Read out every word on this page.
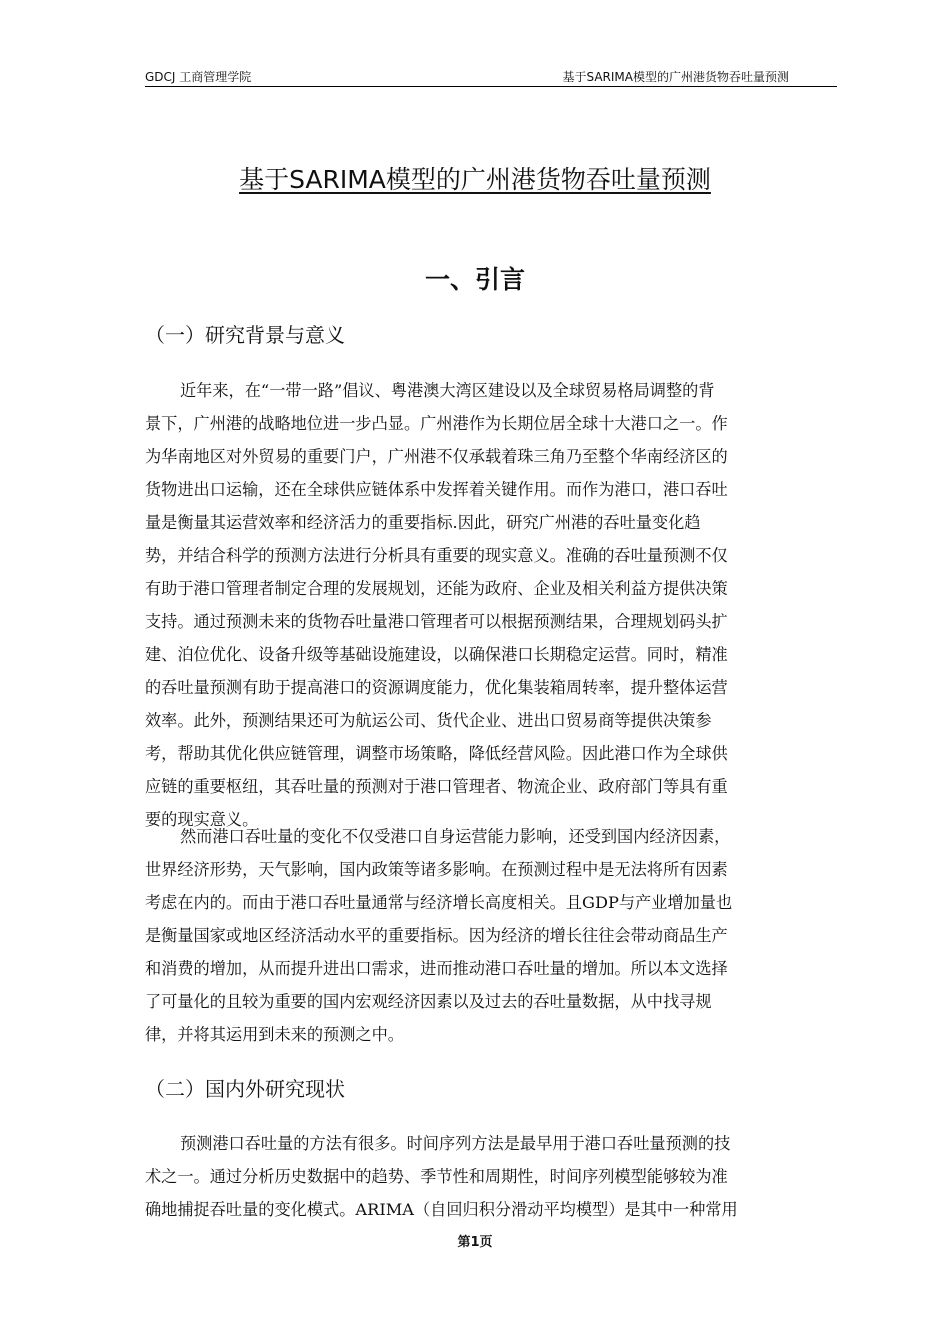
GDCJ 工商管理学院	基于SARIMA模型的广州港货物吞吐量预测
基于SARIMA模型的广州港货物吞吐量预测
一、引言
（一）研究背景与意义
近年来，在“一带一路”倡议、粤港澳大湾区建设以及全球贸易格局调整的背
景下，广州港的战略地位进一步凸显。广州港作为长期位居全球十大港口之一。作
为华南地区对外贸易的重要门户，广州港不仅承载着珠三角乃至整个华南经济区的
货物进出口运输，还在全球供应链体系中发挥着关键作用。而作为港口，港口吞吐
量是衡量其运营效率和经济活力的重要指标.因此，研究广州港的吞吐量变化趋
势，并结合科学的预测方法进行分析具有重要的现实意义。准确的吞吐量预测不仅
有助于港口管理者制定合理的发展规划，还能为政府、企业及相关利益方提供决策
支持。通过预测未来的货物吞吐量港口管理者可以根据预测结果，合理规划码头扩
建、泊位优化、设备升级等基础设施建设，以确保港口长期稳定运营。同时，精准
的吞吐量预测有助于提高港口的资源调度能力，优化集装箱周转率，提升整体运营
效率。此外，预测结果还可为航运公司、货代企业、进出口贸易商等提供决策参
考，帮助其优化供应链管理，调整市场策略，降低经营风险。因此港口作为全球供
应链的重要枢纽，其吞吐量的预测对于港口管理者、物流企业、政府部门等具有重
要的现实意义。
然而港口吞吐量的变化不仅受港口自身运营能力影响，还受到国内经济因素，
世界经济形势，天气影响，国内政策等诸多影响。在预测过程中是无法将所有因素
考虑在内的。而由于港口吞吐量通常与经济增长高度相关。且GDP与产业增加量也
是衡量国家或地区经济活动水平的重要指标。因为经济的增长往往会带动商品生产
和消费的增加，从而提升进出口需求，进而推动港口吞吐量的增加。所以本文选择
了可量化的且较为重要的国内宏观经济因素以及过去的吞吐量数据，从中找寻规
律，并将其运用到未来的预测之中。
（二）国内外研究现状
预测港口吞吐量的方法有很多。时间序列方法是最早用于港口吞吐量预测的技
术之一。通过分析历史数据中的趋势、季节性和周期性，时间序列模型能够较为准
确地捕捉吞吐量的变化模式。ARIMA（自回归积分滑动平均模型）是其中一种常用
第1页
